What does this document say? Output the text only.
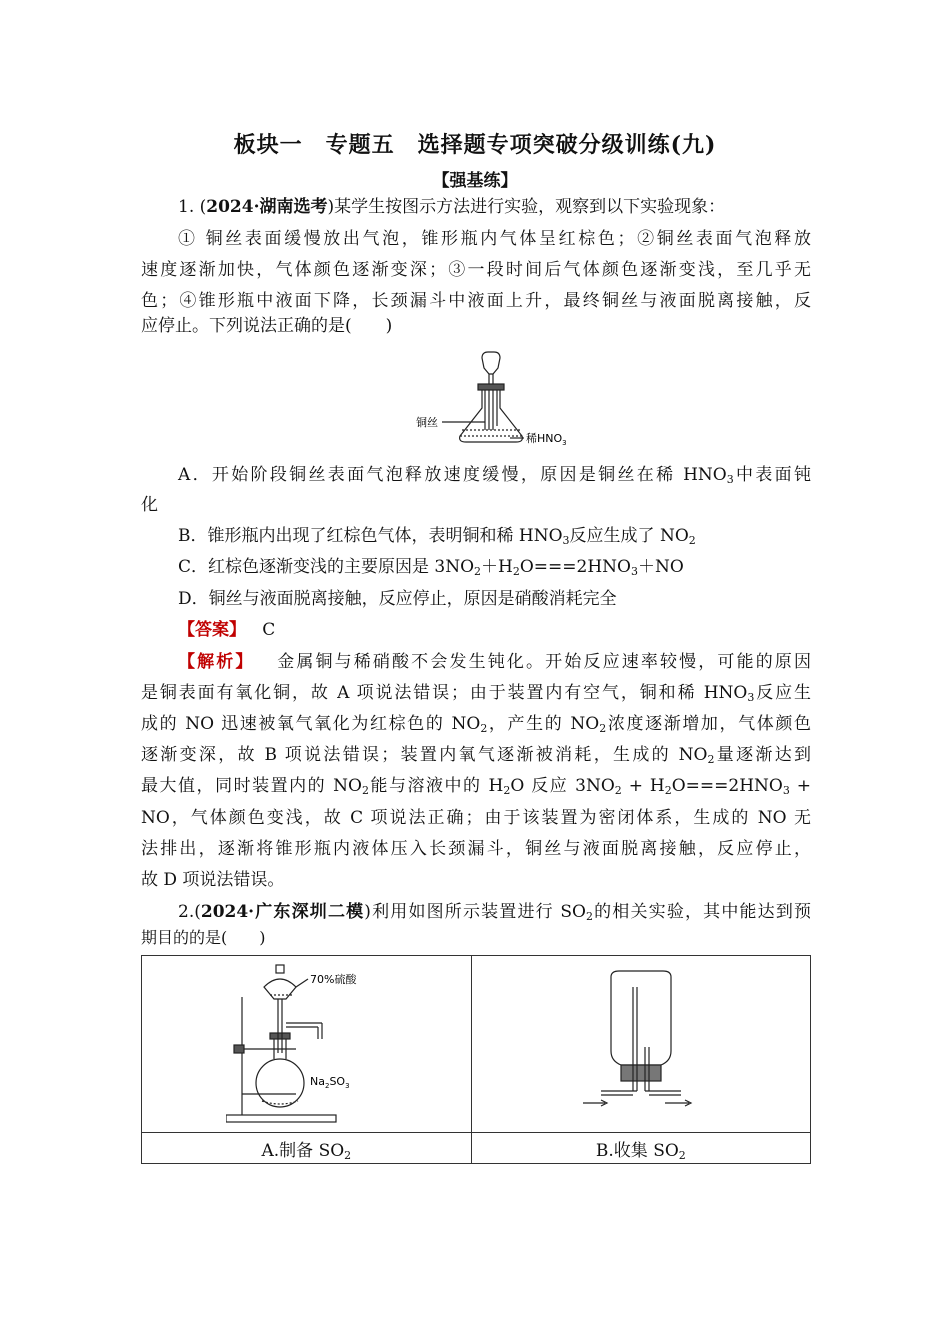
板块一　专题五　选择题专项突破分级训练(九)
【强基练】
1. (2024·湖南选考)某学生按图示方法进行实验，观察到以下实验现象：
① 铜丝表面缓慢放出气泡，锥形瓶内气体呈红棕色；②铜丝表面气泡释放
速度逐渐加快，气体颜色逐渐变深；③一段时间后气体颜色逐渐变浅，至几乎无
色；④锥形瓶中液面下降，长颈漏斗中液面上升，最终铜丝与液面脱离接触，反
应停止。下列说法正确的是(　　)
铜丝
稀$HNO_3$
A．开始阶段铜丝表面气泡释放速度缓慢，原因是铜丝在稀 $HNO_3$中表面钝
化
B．锥形瓶内出现了红棕色气体，表明铜和稀 $HNO_3$反应生成了 $NO_2$
C．红棕色逐渐变浅的主要原因是 $3NO_2+H_2O===2HNO_3+NO$
D．铜丝与液面脱离接触，反应停止，原因是硝酸消耗完全
【答案】 C
【解析】 金属铜与稀硝酸不会发生钝化。开始反应速率较慢，可能的原因
是铜表面有氧化铜，故 A 项说法错误；由于装置内有空气，铜和稀 $HNO_3$反应生
成的 NO 迅速被氧气氧化为红棕色的 $NO_2$，产生的 $NO_2$浓度逐渐增加，气体颜色
逐渐变深，故 B 项说法错误；装置内氧气逐渐被消耗，生成的 $NO_2$量逐渐达到
最大值，同时装置内的 $NO_2$能与溶液中的 $H_2O$ 反应 $3NO_2 + H_2O===2HNO_3$ +
NO，气体颜色变浅，故 C 项说法正确；由于该装置为密闭体系，生成的 NO 无
法排出，逐渐将锥形瓶内液体压入长颈漏斗，铜丝与液面脱离接触，反应停止，
故 D 项说法错误。
2.(2024·广东深圳二模)利用如图所示装置进行 $SO_2$的相关实验，其中能达到预
期目的的是(　　)
70%硫酸
$Na_2SO_3$

A.制备 $SO_2$	B.收集 $SO_2$
